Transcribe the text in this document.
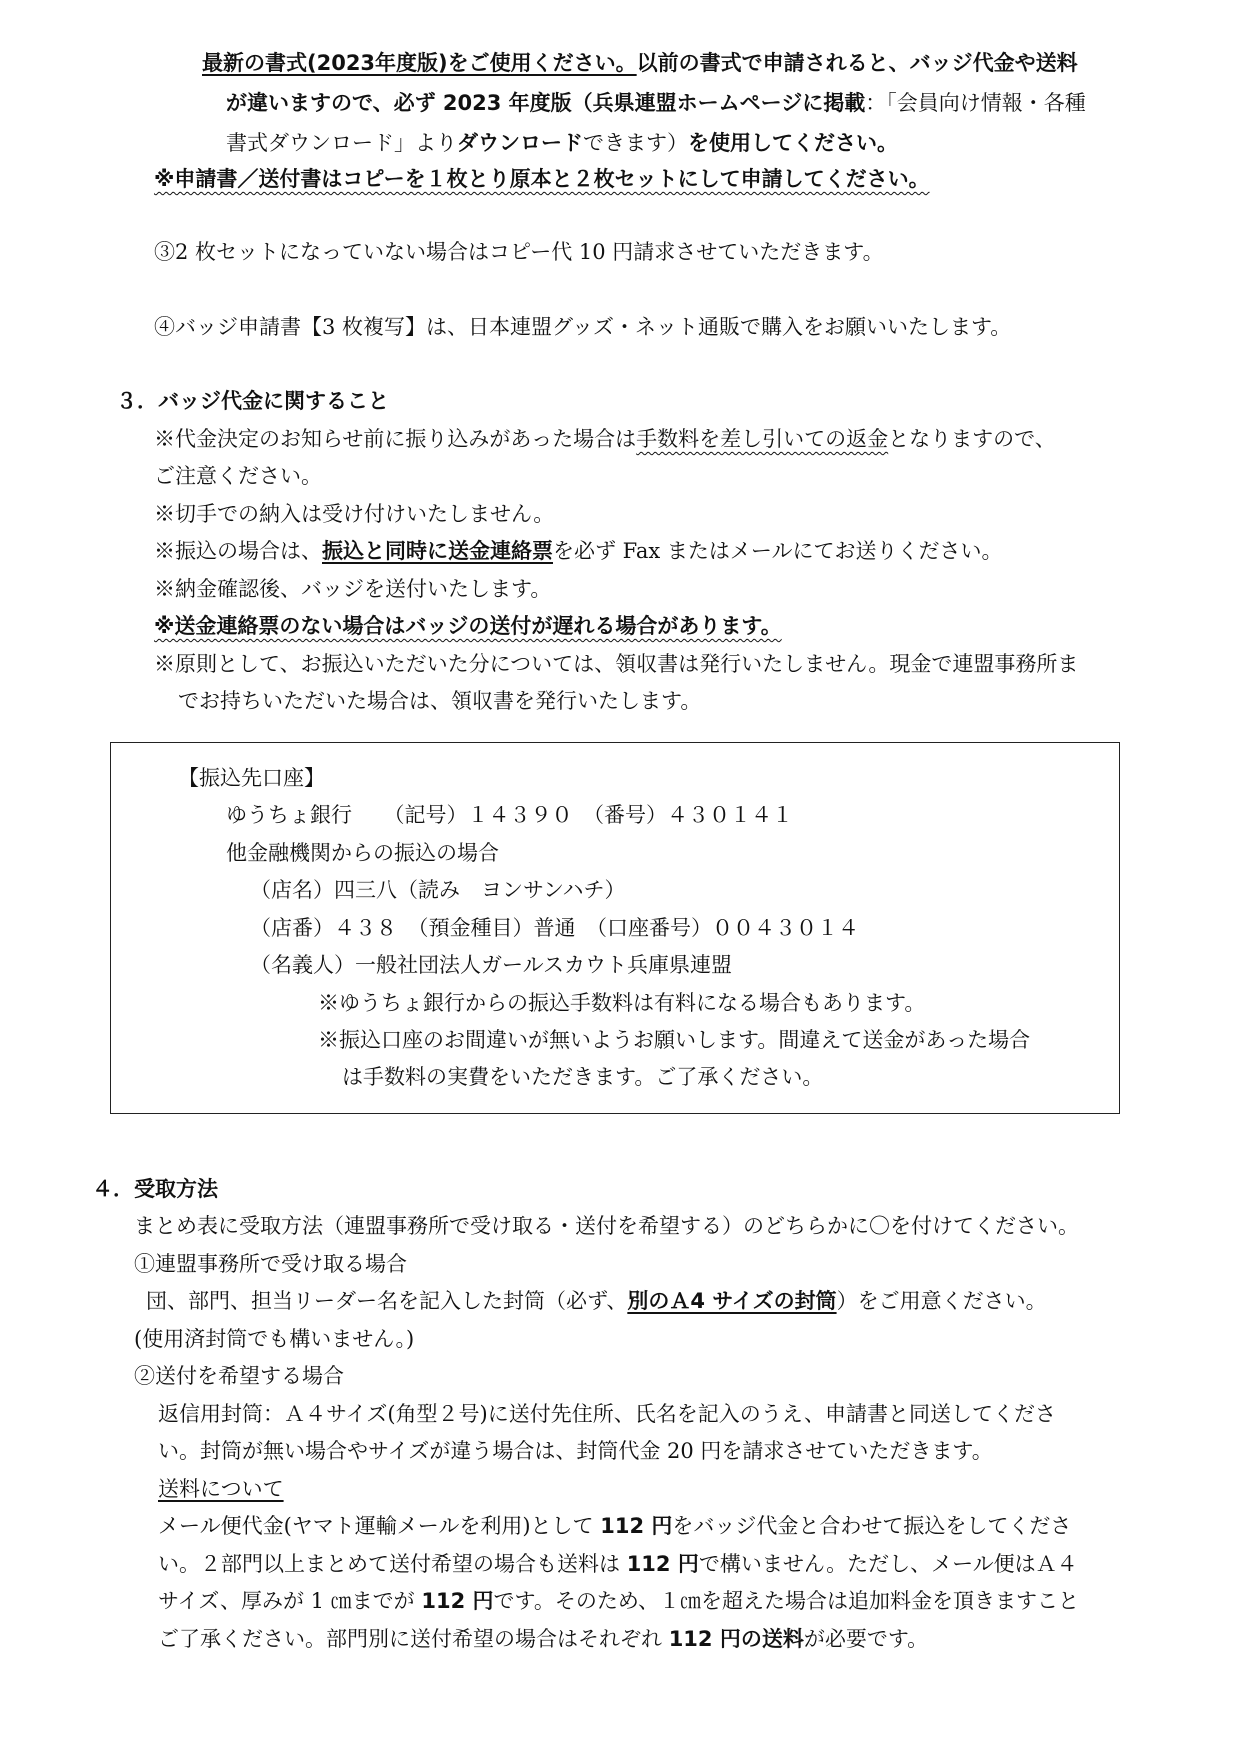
最新の書式(2023年度版)をご使用ください。以前の書式で申請されると、バッジ代金や送料
が違いますので、必ず 2023 年度版（兵県連盟ホームページに掲載：「会員向け情報・各種
書式ダウンロード」よりダウンロードできます）を使用してください。
※申請書／送付書はコピーを１枚とり原本と２枚セットにして申請してください。
③2 枚セットになっていない場合はコピー代 10 円請求させていただきます。
④バッジ申請書【3 枚複写】は、日本連盟グッズ・ネット通販で購入をお願いいたします。
３．バッジ代金に関すること
※代金決定のお知らせ前に振り込みがあった場合は手数料を差し引いての返金となりますので、
ご注意ください。
※切手での納入は受け付けいたしません。
※振込の場合は、振込と同時に送金連絡票を必ず Fax またはメールにてお送りください。
※納金確認後、バッジを送付いたします。
※送金連絡票のない場合はバッジの送付が遅れる場合があります。
※原則として、お振込いただいた分については、領収書は発行いたしません。現金で連盟事務所ま
でお持ちいただいた場合は、領収書を発行いたします。
【振込先口座】
ゆうちょ銀行　　（記号）１４３９０　（番号）４３０１４１
他金融機関からの振込の場合
（店名）四三八（読み　ヨンサンハチ）
（店番）４３８　（預金種目）普通　（口座番号）００４３０１４
（名義人）一般社団法人ガールスカウト兵庫県連盟
※ゆうちょ銀行からの振込手数料は有料になる場合もあります。
※振込口座のお間違いが無いようお願いします。間違えて送金があった場合
は手数料の実費をいただきます。ご了承ください。
４．受取方法
まとめ表に受取方法（連盟事務所で受け取る・送付を希望する）のどちらかに〇を付けてください。
①連盟事務所で受け取る場合
団、部門、担当リーダー名を記入した封筒（必ず、別のＡ4 サイズの封筒）をご用意ください。
(使用済封筒でも構いません。)
②送付を希望する場合
返信用封筒：Ａ４サイズ(角型２号)に送付先住所、氏名を記入のうえ、申請書と同送してくださ
い。封筒が無い場合やサイズが違う場合は、封筒代金 20 円を請求させていただきます。
送料について
メール便代金(ヤマト運輸メールを利用)として 112 円をバッジ代金と合わせて振込をしてくださ
い。２部門以上まとめて送付希望の場合も送料は 112 円で構いません。ただし、メール便はＡ４
サイズ、厚みが 1 ㎝までが 112 円です。そのため、１㎝を超えた場合は追加料金を頂きますこと
ご了承ください。部門別に送付希望の場合はそれぞれ 112 円の送料が必要です。
